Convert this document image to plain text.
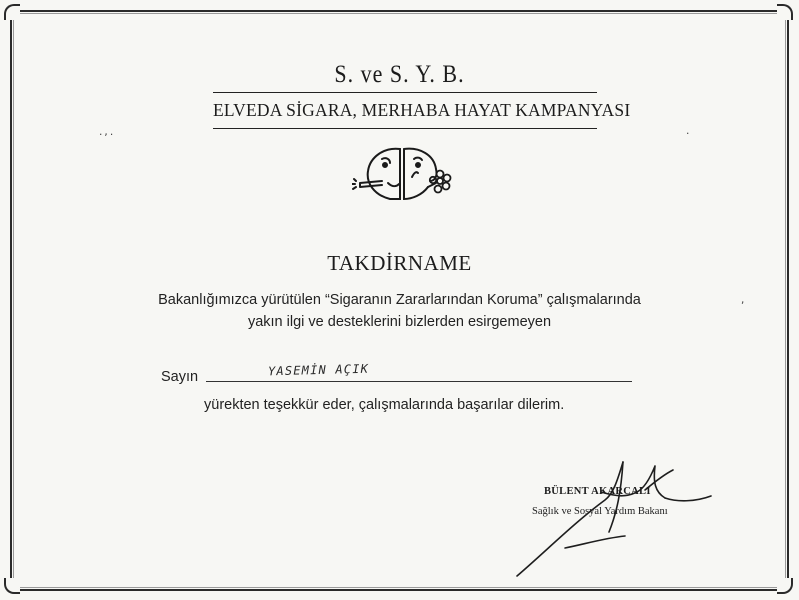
.,.	.
,
S. ve S. Y. B.
ELVEDA SİGARA, MERHABA HAYAT KAMPANYASI
TAKDİRNAME
Bakanlığımızca yürütülen “Sigaranın Zararlarından Koruma” çalışmalarında
yakın ilgi ve desteklerini bizlerden esirgemeyen
Sayın	YASEMİN AÇIK
yürekten teşekkür eder, çalışmalarında başarılar dilerim.
BÜLENT AKARCALI
Sağlık ve Sosyal Yardım Bakanı
